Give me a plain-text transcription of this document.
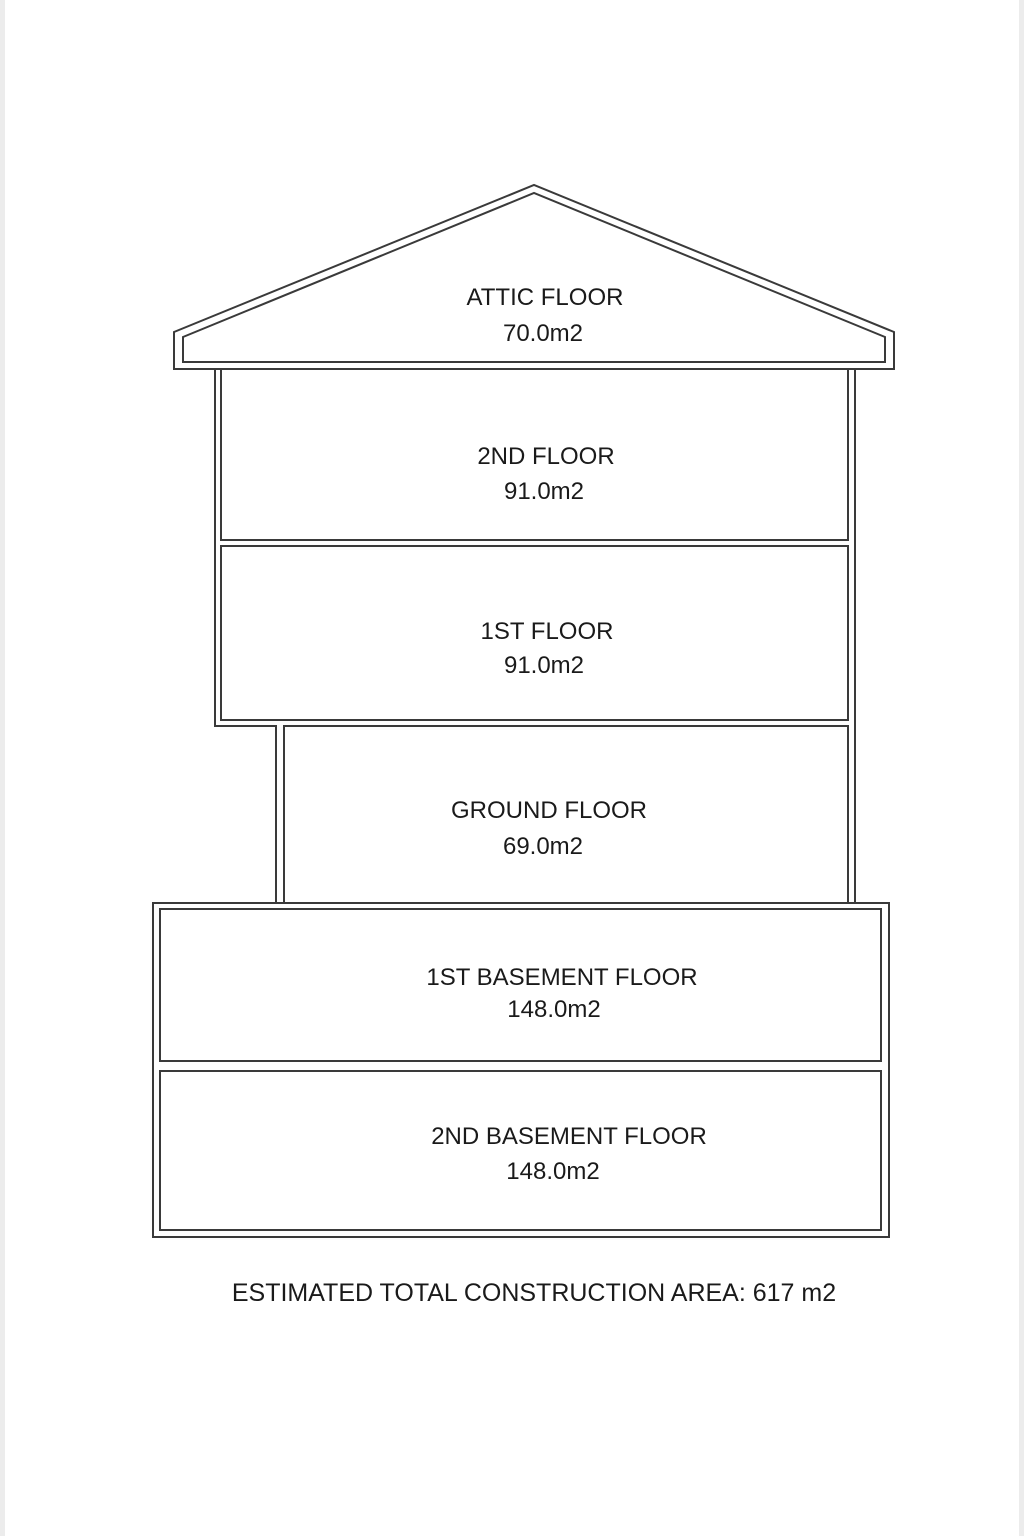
ATTIC FLOOR
70.0m2
2ND FLOOR
91.0m2
1ST FLOOR
91.0m2
GROUND FLOOR
69.0m2
1ST BASEMENT FLOOR
148.0m2
2ND BASEMENT FLOOR
148.0m2
ESTIMATED TOTAL CONSTRUCTION AREA: 617 m2
